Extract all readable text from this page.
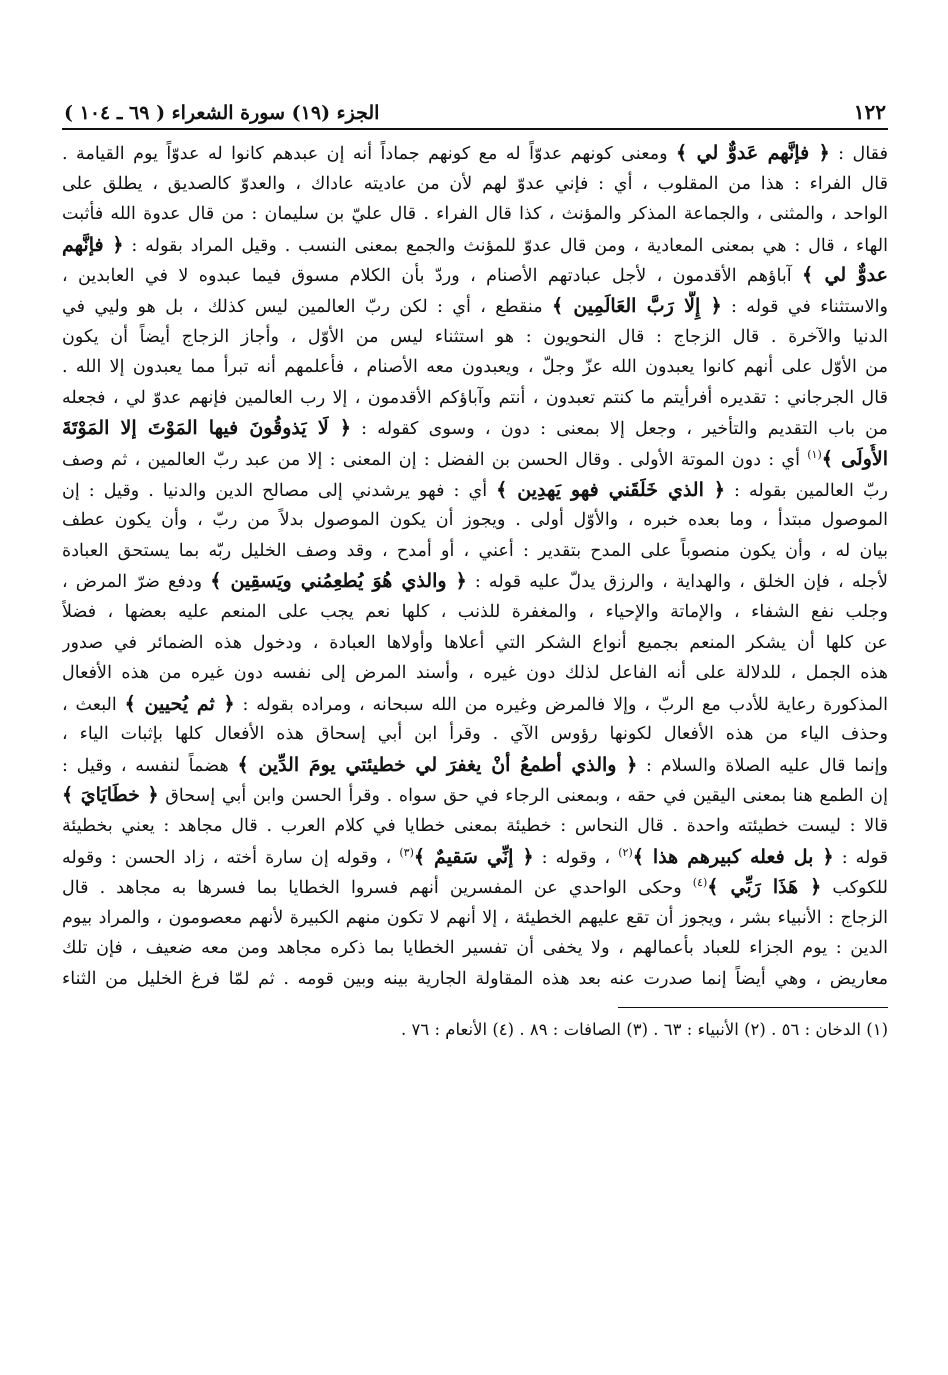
١٢٢
الجزء (١٩) سورة الشعراء ( ٦٩ ـ ١٠٤ )
فقال : ﴿ فإنَّهم عَدوٌّ لي ﴾ ومعنى كونهم عدوّاً له مع كونهم جماداً أنه إن عبدهم كانوا له عدوّاً يوم القيامة .
قال الفراء : هذا من المقلوب ، أي : فإني عدوّ لهم لأن من عاديته عاداك ، والعدوّ كالصديق ، يطلق على
الواحد ، والمثنى ، والجماعة المذكر والمؤنث ، كذا قال الفراء . قال عليّ بن سليمان : من قال عدوة الله فأثبت
الهاء ، قال : هي بمعنى المعادية ، ومن قال عدوّ للمؤنث والجمع بمعنى النسب . وقيل المراد بقوله : ﴿ فإنَّهم
عدوٌّ لي ﴾ آباؤهم الأقدمون ، لأجل عبادتهم الأصنام ، وردّ بأن الكلام مسوق فيما عبدوه لا في العابدين ،
والاستثناء في قوله : ﴿ إِلَّا رَبَّ العَالَمِين ﴾ منقطع ، أي : لكن ربّ العالمين ليس كذلك ، بل هو وليي في
الدنيا والآخرة . قال الزجاج : قال النحويون : هو استثناء ليس من الأوّل ، وأجاز الزجاج أيضاً أن يكون
من الأوّل على أنهم كانوا يعبدون الله عزّ وجلّ ، ويعبدون معه الأصنام ، فأعلمهم أنه تبرأ مما يعبدون إلا الله .
قال الجرجاني : تقديره أفرأيتم ما كنتم تعبدون ، أنتم وآباؤكم الأقدمون ، إلا رب العالمين فإنهم عدوّ لي ، فجعله
من باب التقديم والتأخير ، وجعل إلا بمعنى : دون ، وسوى كقوله : ﴿ لَا يَذوقُونَ فيها المَوْتَ إلا المَوْتَةَ
الأُولَى ﴾$^{(١)}$ أي : دون الموتة الأولى . وقال الحسن بن الفضل : إن المعنى : إلا من عبد ربّ العالمين ، ثم وصف
ربّ العالمين بقوله : ﴿ الذي خَلَقَني فهو يَهدِين ﴾ أي : فهو يرشدني إلى مصالح الدين والدنيا . وقيل : إن
الموصول مبتدأ ، وما بعده خبره ، والأوّل أولى . ويجوز أن يكون الموصول بدلاً من ربّ ، وأن يكون عطف
بيان له ، وأن يكون منصوباً على المدح بتقدير : أعني ، أو أمدح ، وقد وصف الخليل ربّه بما يستحق العبادة
لأجله ، فإن الخلق ، والهداية ، والرزق يدلّ عليه قوله : ﴿ والذي هُوَ يُطعِمُني ويَسقِين ﴾ ودفع ضرّ المرض ،
وجلب نفع الشفاء ، والإماتة والإحياء ، والمغفرة للذنب ، كلها نعم يجب على المنعم عليه بعضها ، فضلاً
عن كلها أن يشكر المنعم بجميع أنواع الشكر التي أعلاها وأولاها العبادة ، ودخول هذه الضمائر في صدور
هذه الجمل ، للدلالة على أنه الفاعل لذلك دون غيره ، وأسند المرض إلى نفسه دون غيره من هذه الأفعال
المذكورة رعاية للأدب مع الربّ ، وإلا فالمرض وغيره من الله سبحانه ، ومراده بقوله : ﴿ ثم يُحيين ﴾ البعث ،
وحذف الياء من هذه الأفعال لكونها رؤوس الآي . وقرأ ابن أبي إسحاق هذه الأفعال كلها بإثبات الياء ،
وإنما قال عليه الصلاة والسلام : ﴿ والذي أطمعُ أنْ يغفرَ لي خطيئتي يومَ الدِّين ﴾ هضماً لنفسه ، وقيل :
إن الطمع هنا بمعنى اليقين في حقه ، وبمعنى الرجاء في حق سواه . وقرأ الحسن وابن أبي إسحاق ﴿ خطَايَايَ ﴾
قالا : ليست خطيئته واحدة . قال النحاس : خطيئة بمعنى خطايا في كلام العرب . قال مجاهد : يعني بخطيئة
قوله : ﴿ بل فعله كبيرهم هذا ﴾$^{(٢)}$ ، وقوله : ﴿ إنِّي سَقيمٌ ﴾$^{(٣)}$ ، وقوله إن سارة أخته ، زاد الحسن : وقوله
للكوكب ﴿ هَذَا رَبِّي ﴾$^{(٤)}$ وحكى الواحدي عن المفسرين أنهم فسروا الخطايا بما فسرها به مجاهد . قال
الزجاج : الأنبياء بشر ، ويجوز أن تقع عليهم الخطيئة ، إلا أنهم لا تكون منهم الكبيرة لأنهم معصومون ، والمراد بيوم
الدين : يوم الجزاء للعباد بأعمالهم ، ولا يخفى أن تفسير الخطايا بما ذكره مجاهد ومن معه ضعيف ، فإن تلك
معاريض ، وهي أيضاً إنما صدرت عنه بعد هذه المقاولة الجارية بينه وبين قومه . ثم لمّا فرغ الخليل من الثناء
(١) الدخان : ٥٦ . (٢) الأنبياء : ٦٣ . (٣) الصافات : ٨٩ . (٤) الأنعام : ٧٦ .
